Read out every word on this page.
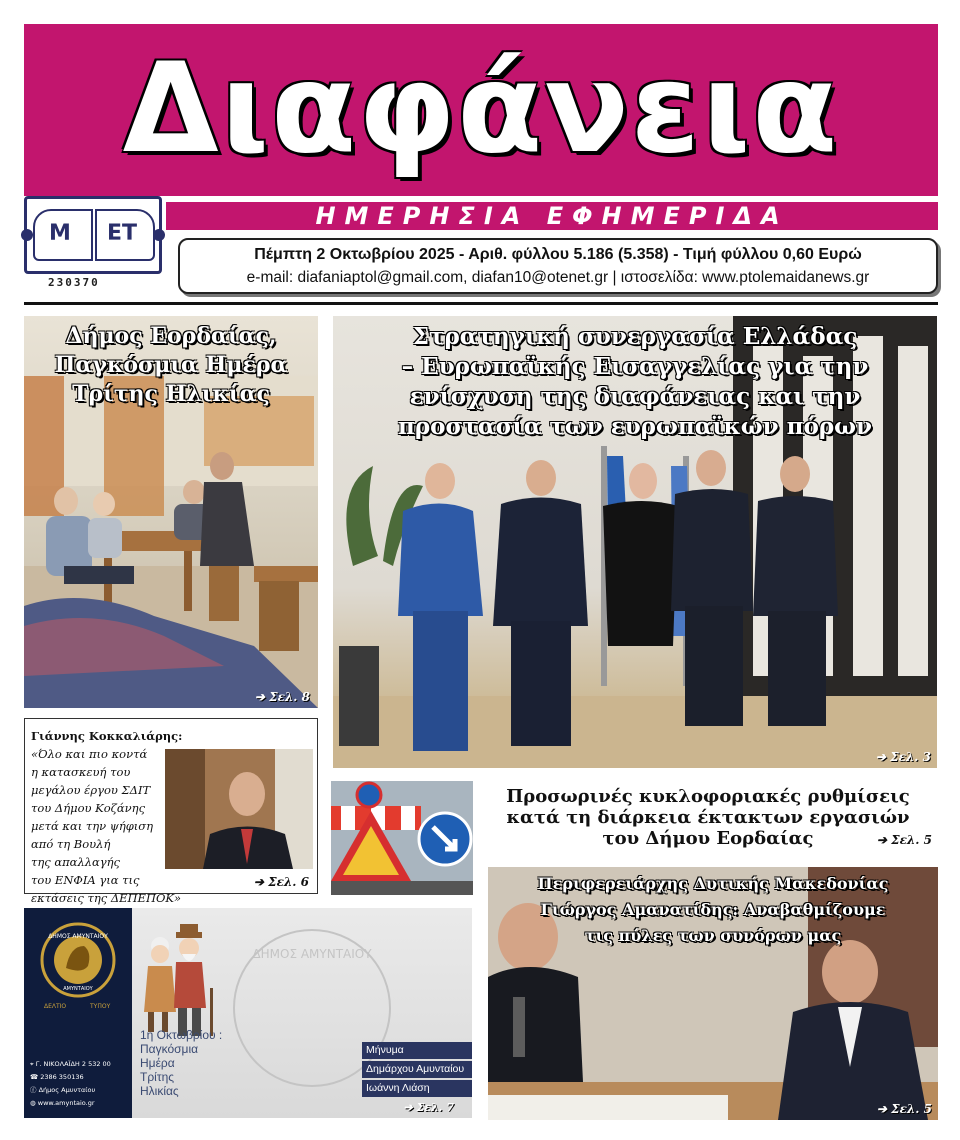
Διαφάνεια
ΗΜΕΡΗΣΙΑ ΕΦΗΜΕΡΙΔΑ
Μ ΕΤ
230370
Πέμπτη 2 Οκτωβρίου 2025 - Αριθ. φύλλου 5.186 (5.358) - Τιμή φύλλου 0,60 Ευρώ
e-mail: diafaniaptol@gmail.com, diafan10@otenet.gr | ιστοσελίδα: www.ptolemaidanews.gr
Δήμος Εορδαίας,
Παγκόσμια Ημέρα
Τρίτης Ηλικίας
➔ Σελ. 8
Στρατηγική συνεργασία Ελλάδας
– Ευρωπαϊκής Εισαγγελίας για την
ενίσχυση της διαφάνειας και την
προστασία των ευρωπαϊκών πόρων
➔ Σελ. 3
Γιάννης Κοκκαλιάρης: «Όλο και πιο κοντά
η κατασκευή του
μεγάλου έργου ΣΔΙΤ
του Δήμου Κοζάνης
μετά και την ψήφιση
από τη Βουλή
της απαλλαγής
του ΕΝΦΙΑ για τις
εκτάσεις της ΔΕΠΕΠΟΚ»
➔ Σελ. 6
Προσωρινές κυκλοφοριακές ρυθμίσεις
κατά τη διάρκεια έκτακτων εργασιών
του Δήμου Εορδαίας	➔ Σελ. 5
ΔΗΜΟΣ ΑΜΥΝΤΑΙΟΥ
ΑΜΥΝΤΑΙΟΥ
ΔΕΛΤΙΟ	ΤΥΠΟΥ
⌖ Γ. ΝΙΚΟΛΑΪΔΗ 2 532 00
☎ 2386 350136
ⓕ Δήμος Αμυνταίου
◍ www.amyntaio.gr
ΔΗΜΟΣ ΑΜΥΝΤΑΙΟΥ
1η Οκτωβρίου :
Παγκόσμια
Ημέρα
Τρίτης
Ηλικίας
Μήνυμα
Δημάρχου Αμυνταίου
Ιωάννη Λιάση
➔ Σελ. 7
Περιφερειάρχης Δυτικής Μακεδονίας
Γιώργος Αμανατίδης: Αναβαθμίζουμε
τις πύλες των συνόρων μας
➔ Σελ. 5
